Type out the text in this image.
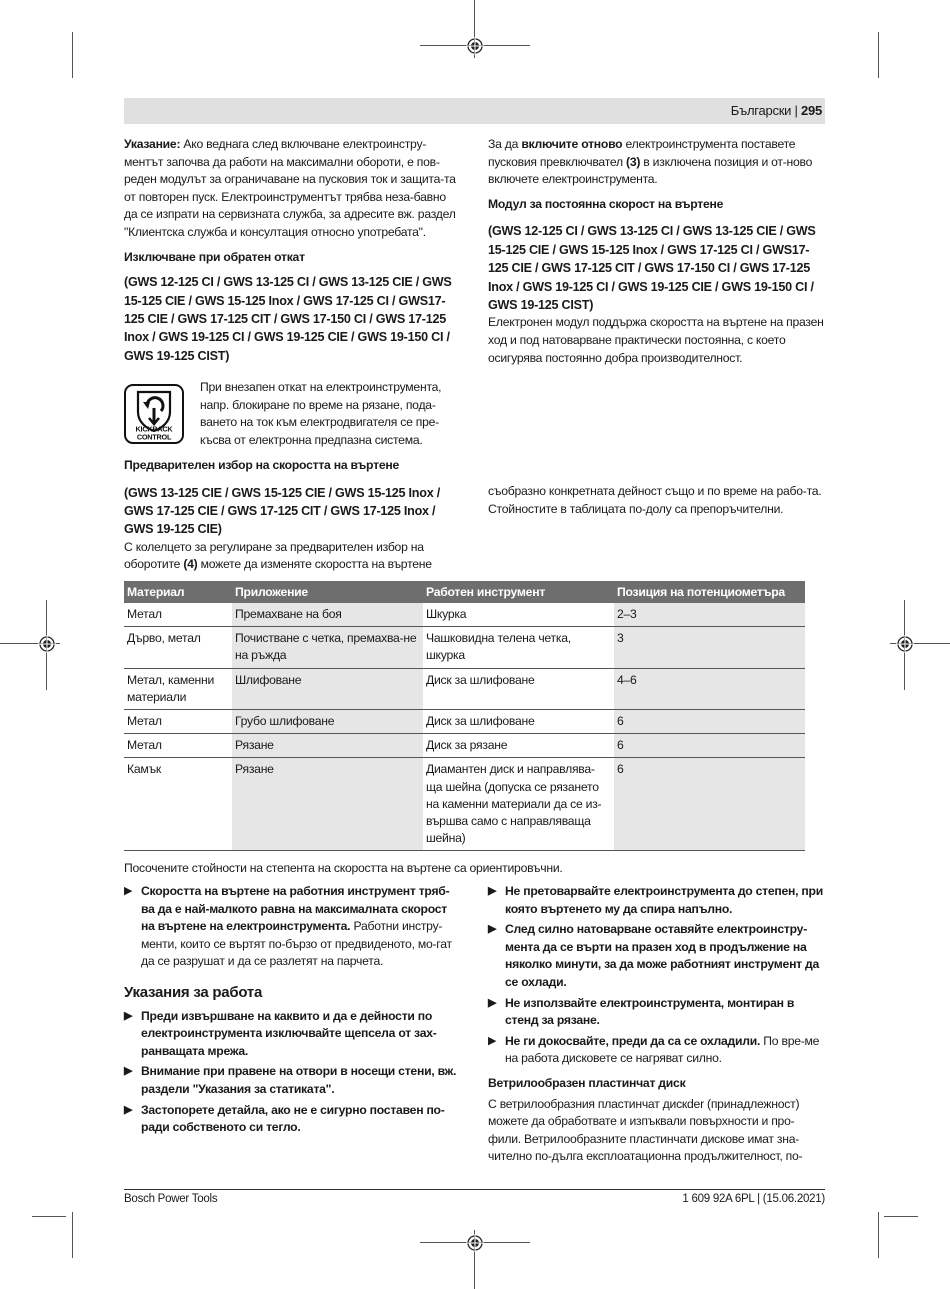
Български | 295

Указание: Ако веднага след включване електроинстру-ментът започва да работи на максимални обороти, е пов-реден модулът за ограничаване на пусковия ток и защита-та от повторен пуск. Електроинструментът трябва неза-бавно да се изпрати на сервизната служба, за адресите вж. раздел "Клиентска служба и консултация относно употребата".

Изключване при обратен откат

(GWS 12-125 CI / GWS 13-125 CI / GWS 13-125 CIE / GWS 15-125 CIE / GWS 15-125 Inox / GWS 17-125 CI / GWS17-125 CIE / GWS 17-125 CIT / GWS 17-150 CI / GWS 17-125 Inox / GWS 19-125 CI / GWS 19-125 CIE / GWS 19-150 CI / GWS 19-125 CIST)

KICKBACK
CONTROL

При внезапен откат на електроинструмента, напр. блокиране по време на рязане, пода-ването на ток към електродвигателя се пре-късва от електронна предпазна система.

Предварителен избор на скоростта на въртене

(GWS 13-125 CIE / GWS 15-125 CIE / GWS 15-125 Inox / GWS 17-125 CIE / GWS 17-125 CIT / GWS 17-125 Inox / GWS 19-125 CIE)

С колелцето за регулиране за предварителен избор на оборотите (4) можете да изменяте скоростта на въртене

За да включите отново електроинструмента поставете пусковия превключвател (3) в изключена позиция и от-ново включете електроинструмента.

Модул за постоянна скорост на въртене

(GWS 12-125 CI / GWS 13-125 CI / GWS 13-125 CIE / GWS 15-125 CIE / GWS 15-125 Inox / GWS 17-125 CI / GWS17-125 CIE / GWS 17-125 CIT / GWS 17-150 CI / GWS 17-125 Inox / GWS 19-125 CI / GWS 19-125 CIE / GWS 19-150 CI / GWS 19-125 CIST)

Електронен модул поддържа скоростта на въртене на празен ход и под натоварване практически постоянна, с което осигурява постоянно добра производителност.

съобразно конкретната дейност също и по време на рабо-та. Стойностите в таблицата по-долу са препоръчителни.

Материал	Приложение	Работен инструмент	Позиция на потенциометъра
Метал	Премахване на боя	Шкурка	2–3
Дърво, метал	Почистване с четка, премахва-не на ръжда	Чашковидна телена четка, шкурка	3
Метал, каменни материали	Шлифоване	Диск за шлифоване	4–6
Метал	Грубо шлифоване	Диск за шлифоване	6
Метал	Рязане	Диск за рязане	6
Камък	Рязане	Диамантен диск и направлява-ща шейна (допуска се рязането на каменни материали да се из-вършва само с направляваща шейна)	6

Посочените стойности на степента на скоростта на въртене са ориентировъчни.

▶ Скоростта на въртене на работния инструмент тряб-ва да е най-малкото равна на максималната скорост на въртене на електроинструмента. Работни инстру-менти, които се въртят по-бързо от предвиденото, мо-гат да се разрушат и да се разлетят на парчета.

Указания за работа

▶ Преди извършване на каквито и да е дейности по електроинструмента изключвайте щепсела от зах-ранващата мрежа.
▶ Внимание при правене на отвори в носещи стени, вж. раздели "Указания за статиката".
▶ Застопорете детайла, ако не е сигурно поставен по-ради собственото си тегло.
▶ Не претоварвайте електроинструмента до степен, при която въртенето му да спира напълно.
▶ След силно натоварване оставяйте електроинстру-мента да се върти на празен ход в продължение на няколко минути, за да може работният инструмент да се охлади.
▶ Не използвайте електроинструмента, монтиран в стенд за рязане.
▶ Не ги докосвайте, преди да са се охладили. По вре-ме на работа дисковете се нагряват силно.

Ветрилообразен пластинчат диск

С ветрилообразния пластинчат дискder (принадлежност) можете да обработвате и изпъквали повърхности и про-фили. Ветрилообразните пластинчати дискове имат зна-чително по-дълга експлоатационна продължителност, по-

Bosch Power Tools	1 609 92A 6PL | (15.06.2021)
